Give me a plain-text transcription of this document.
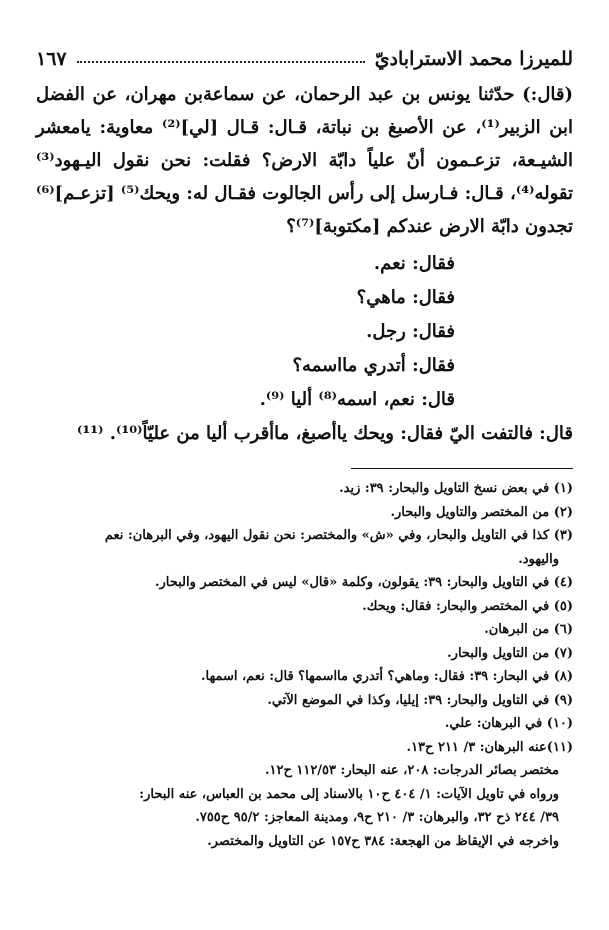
للميرزا محمد الاستراباديّ
١٦٧

(قال:) حدّثنا يونس بن عبد الرحمان، عن سماعةبن مهران، عن الفضل ابن الزبير⁽¹⁾، عن الأصبغ بن نباتة، قـال: قـال [لي]⁽²⁾ معاوية: يامعشر الشيـعة، تزعـمون أنّ علياً دابّة الارض؟ فقلت: نحن نقول اليـهود⁽³⁾ تقوله⁽⁴⁾، قـال: فـارسل إلى رأس الجالوت فقـال له: ويحك⁽⁵⁾ [تزعـم]⁽⁶⁾ تجدون دابّة الارض عندكم [مكتوبة]⁽⁷⁾؟

فقال: نعم.
فقال: ماهي؟
فقال: رجل.
فقال: أتدري مااسمه؟
قال: نعم، اسمه⁽⁸⁾ أليا ⁽⁹⁾.
قال: فالتفت اليّ فقال: ويحك ياأصبغ، ماأقرب أليا من عليّاً⁽¹⁰⁾. ⁽¹¹⁾

(١) في بعض نسخ التاويل والبحار: ٣٩: زيد.

(٢) من المختصر والتاويل والبحار.

(٣) كذا في التاويل والبحار، وفي «ش» والمختصر: نحن نقول اليهود، وفي البرهان: نعم

واليهود.

(٤) في التاويل والبحار: ٣٩: يقولون، وكلمة «قال» ليس في المختصر والبحار.

(٥) في المختصر والبحار: فقال: ويحك.

(٦) من البرهان.

(٧) من التاويل والبحار.

(٨) في البحار: ٣٩: فقال: وماهي؟ أتدري مااسمها؟ قال: نعم، اسمها.

(٩) في التاويل والبحار: ٣٩: إيليا، وكذا في الموضع الآتي.

(١٠) في البرهان: علي.

(١١)عنه البرهان: ٣/ ٢١١ ح١٣.

مختصر بصائر الدرجات: ٢٠٨، عنه البحار: ١١٢/٥٣ ح١٢.

ورواه في تاويل الآيات: ١/ ٤٠٤ ح١٠ بالاسناد إلى محمد بن العباس، عنه البحار:

٣٩/ ٢٤٤ ذح ٣٢، والبرهان: ٣/ ٢١٠ ح٩، ومدينة المعاجز: ٩٥/٢ ح٧٥٥.

واخرجه في الإيقاظ من الهجعة: ٣٨٤ ح١٥٧ عن التاويل والمختصر.
